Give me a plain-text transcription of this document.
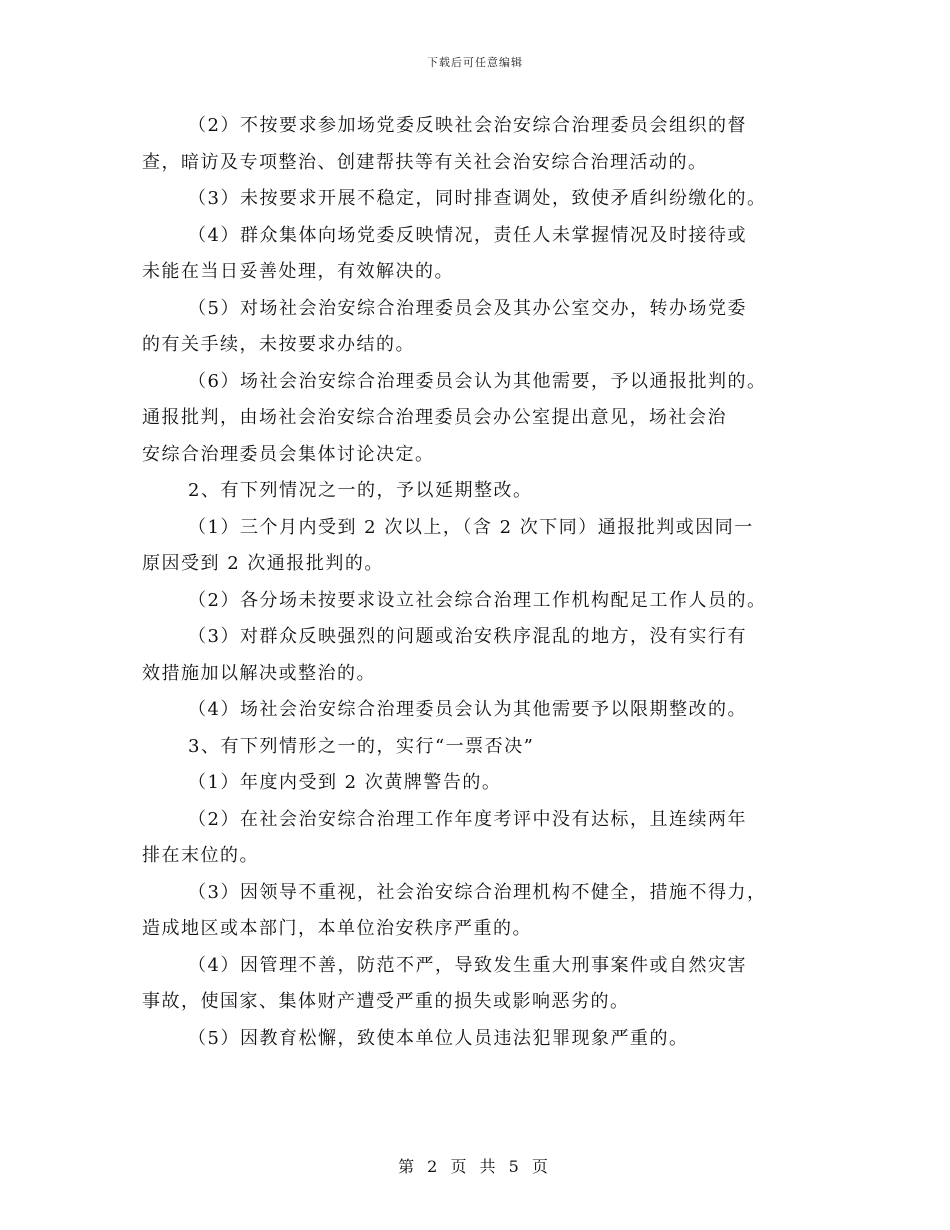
下载后可任意编辑
（2）不按要求参加场党委反映社会治安综合治理委员会组织的督
查，暗访及专项整治、创建帮扶等有关社会治安综合治理活动的。
（3）未按要求开展不稳定，同时排查调处，致使矛盾纠纷缴化的。
（4）群众集体向场党委反映情况，责任人未掌握情况及时接待或
未能在当日妥善处理，有效解决的。
（5）对场社会治安综合治理委员会及其办公室交办，转办场党委
的有关手续，未按要求办结的。
（6）场社会治安综合治理委员会认为其他需要，予以通报批判的。
通报批判，由场社会治安综合治理委员会办公室提出意见，场社会治
安综合治理委员会集体讨论决定。
2、有下列情况之一的，予以延期整改。
（1）三个月内受到 2 次以上，（含 2 次下同）通报批判或因同一
原因受到 2 次通报批判的。
（2）各分场未按要求设立社会综合治理工作机构配足工作人员的。
（3）对群众反映强烈的问题或治安秩序混乱的地方，没有实行有
效措施加以解决或整治的。
（4）场社会治安综合治理委员会认为其他需要予以限期整改的。
3、有下列情形之一的，实行“一票否决”
（1）年度内受到 2 次黄牌警告的。
（2）在社会治安综合治理工作年度考评中没有达标，且连续两年
排在末位的。
（3）因领导不重视，社会治安综合治理机构不健全，措施不得力，
造成地区或本部门，本单位治安秩序严重的。
（4）因管理不善，防范不严，导致发生重大刑事案件或自然灾害
事故，使国家、集体财产遭受严重的损失或影响恶劣的。
（5）因教育松懈，致使本单位人员违法犯罪现象严重的。
第 2 页 共 5 页
